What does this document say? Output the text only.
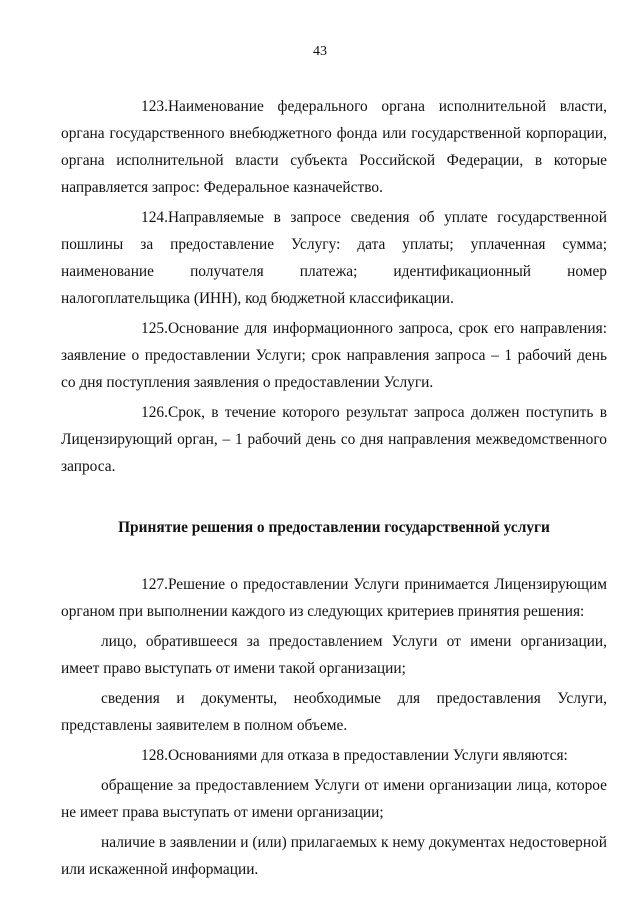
43

123.Наименование федерального органа исполнительной власти, органа государственного внебюджетного фонда или государственной корпорации, органа исполнительной власти субъекта Российской Федерации, в которые направляется запрос: Федеральное казначейство.

124.Направляемые в запросе сведения об уплате государственной пошлины за предоставление Услугу: дата уплаты; уплаченная сумма; наименование получателя платежа; идентификационный номер налогоплательщика (ИНН), код бюджетной классификации.

125.Основание для информационного запроса, срок его направления: заявление о предоставлении Услуги; срок направления запроса – 1 рабочий день со дня поступления заявления о предоставлении Услуги.

126.Срок, в течение которого результат запроса должен поступить в Лицензирующий орган, – 1 рабочий день со дня направления межведомственного запроса.

Принятие решения о предоставлении государственной услуги

127.Решение о предоставлении Услуги принимается Лицензирующим органом при выполнении каждого из следующих критериев принятия решения:

лицо, обратившееся за предоставлением Услуги от имени организации, имеет право выступать от имени такой организации;

сведения и документы, необходимые для предоставления Услуги, представлены заявителем в полном объеме.

128.Основаниями для отказа в предоставлении Услуги являются:

обращение за предоставлением Услуги от имени организации лица, которое не имеет права выступать от имени организации;

наличие в заявлении и (или) прилагаемых к нему документах недостоверной или искаженной информации.
